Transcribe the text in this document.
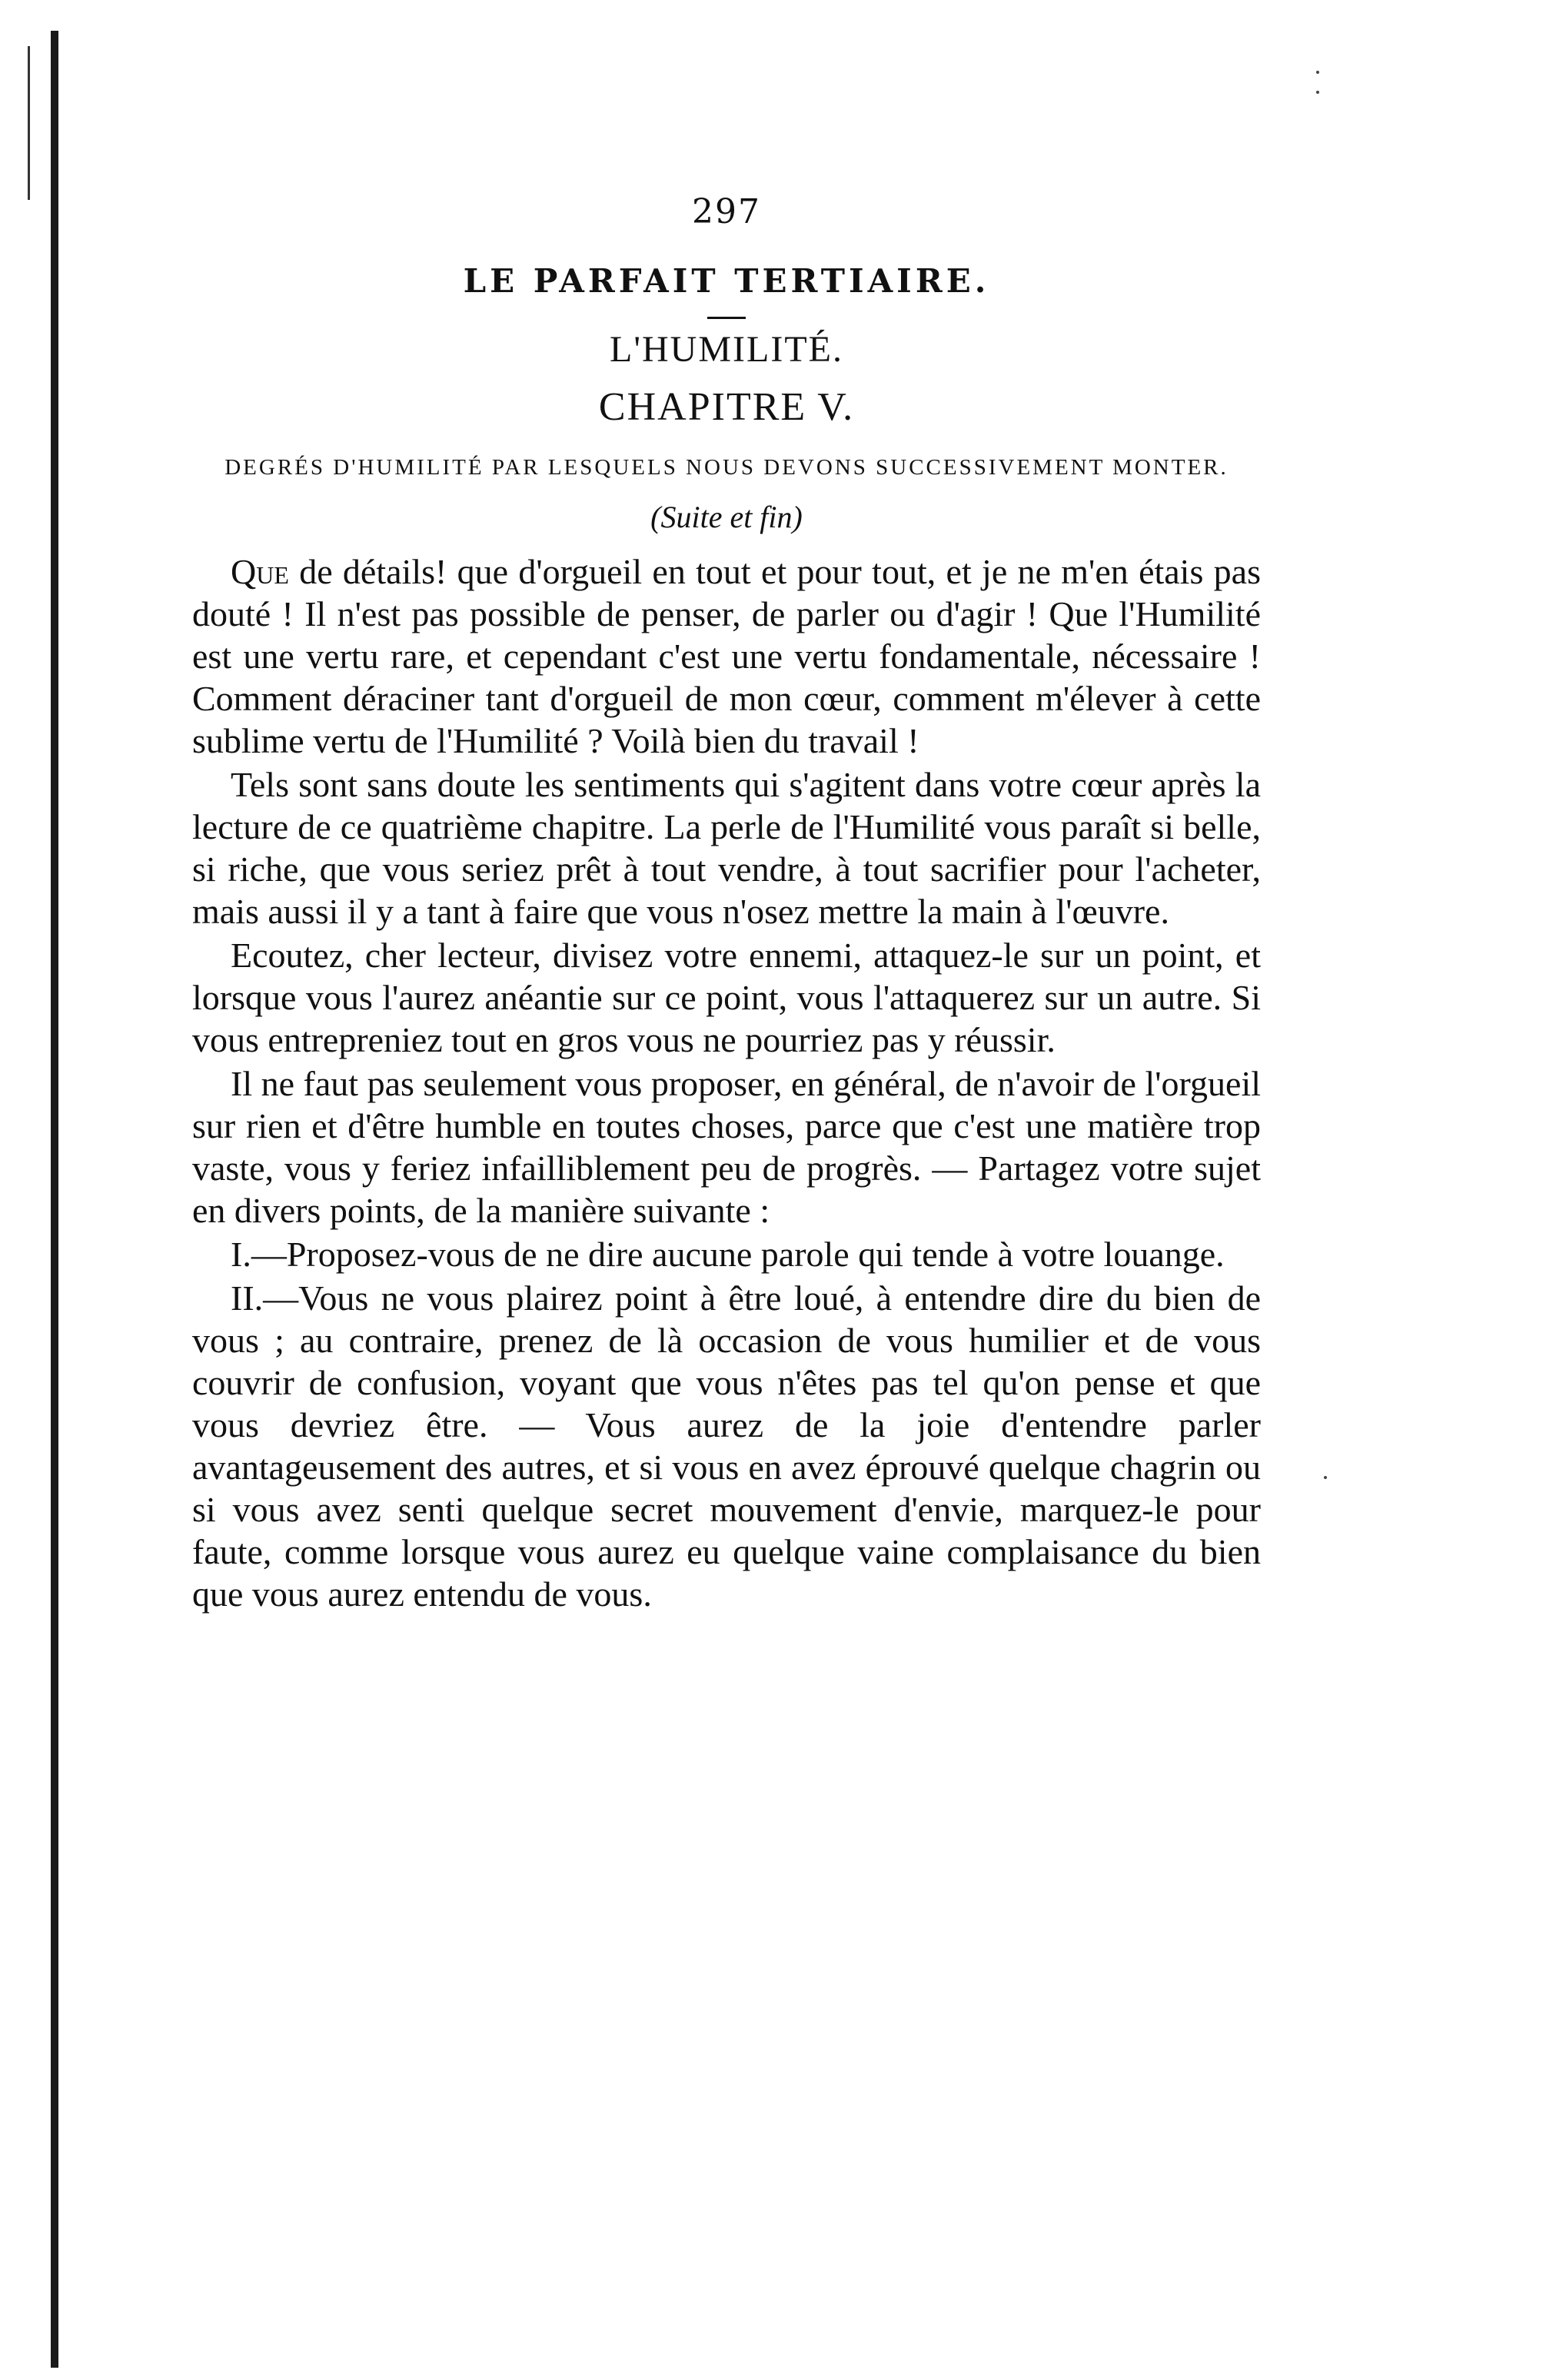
297
LE PARFAIT TERTIAIRE.
L'HUMILITÉ.
CHAPITRE V.
DEGRÉS D'HUMILITÉ PAR LESQUELS NOUS DEVONS SUCCESSIVEMENT MONTER.
(Suite et fin)

Que de détails! que d'orgueil en tout et pour tout, et je ne m'en étais pas douté ! Il n'est pas possible de penser, de parler ou d'agir ! Que l'Humilité est une vertu rare, et cependant c'est une vertu fondamentale, nécessaire ! Comment déraciner tant d'orgueil de mon cœur, comment m'élever à cette sublime vertu de l'Humilité ? Voilà bien du travail !

Tels sont sans doute les sentiments qui s'agitent dans votre cœur après la lecture de ce quatrième chapitre. La perle de l'Humilité vous paraît si belle, si riche, que vous seriez prêt à tout vendre, à tout sacrifier pour l'acheter, mais aussi il y a tant à faire que vous n'osez mettre la main à l'œuvre.

Ecoutez, cher lecteur, divisez votre ennemi, attaquez-le sur un point, et lorsque vous l'aurez anéantie sur ce point, vous l'attaquerez sur un autre. Si vous entrepreniez tout en gros vous ne pourriez pas y réussir.

Il ne faut pas seulement vous proposer, en général, de n'avoir de l'orgueil sur rien et d'être humble en toutes choses, parce que c'est une matière trop vaste, vous y feriez infailliblement peu de progrès. — Partagez votre sujet en divers points, de la manière suivante :

I.—Proposez-vous de ne dire aucune parole qui tende à votre louange.

II.—Vous ne vous plairez point à être loué, à entendre dire du bien de vous ; au contraire, prenez de là occasion de vous humilier et de vous couvrir de confusion, voyant que vous n'êtes pas tel qu'on pense et que vous devriez être. — Vous aurez de la joie d'entendre parler avantageusement des autres, et si vous en avez éprouvé quelque chagrin ou si vous avez senti quelque secret mouvement d'envie, marquez-le pour faute, comme lorsque vous aurez eu quelque vaine complaisance du bien que vous aurez entendu de vous.
